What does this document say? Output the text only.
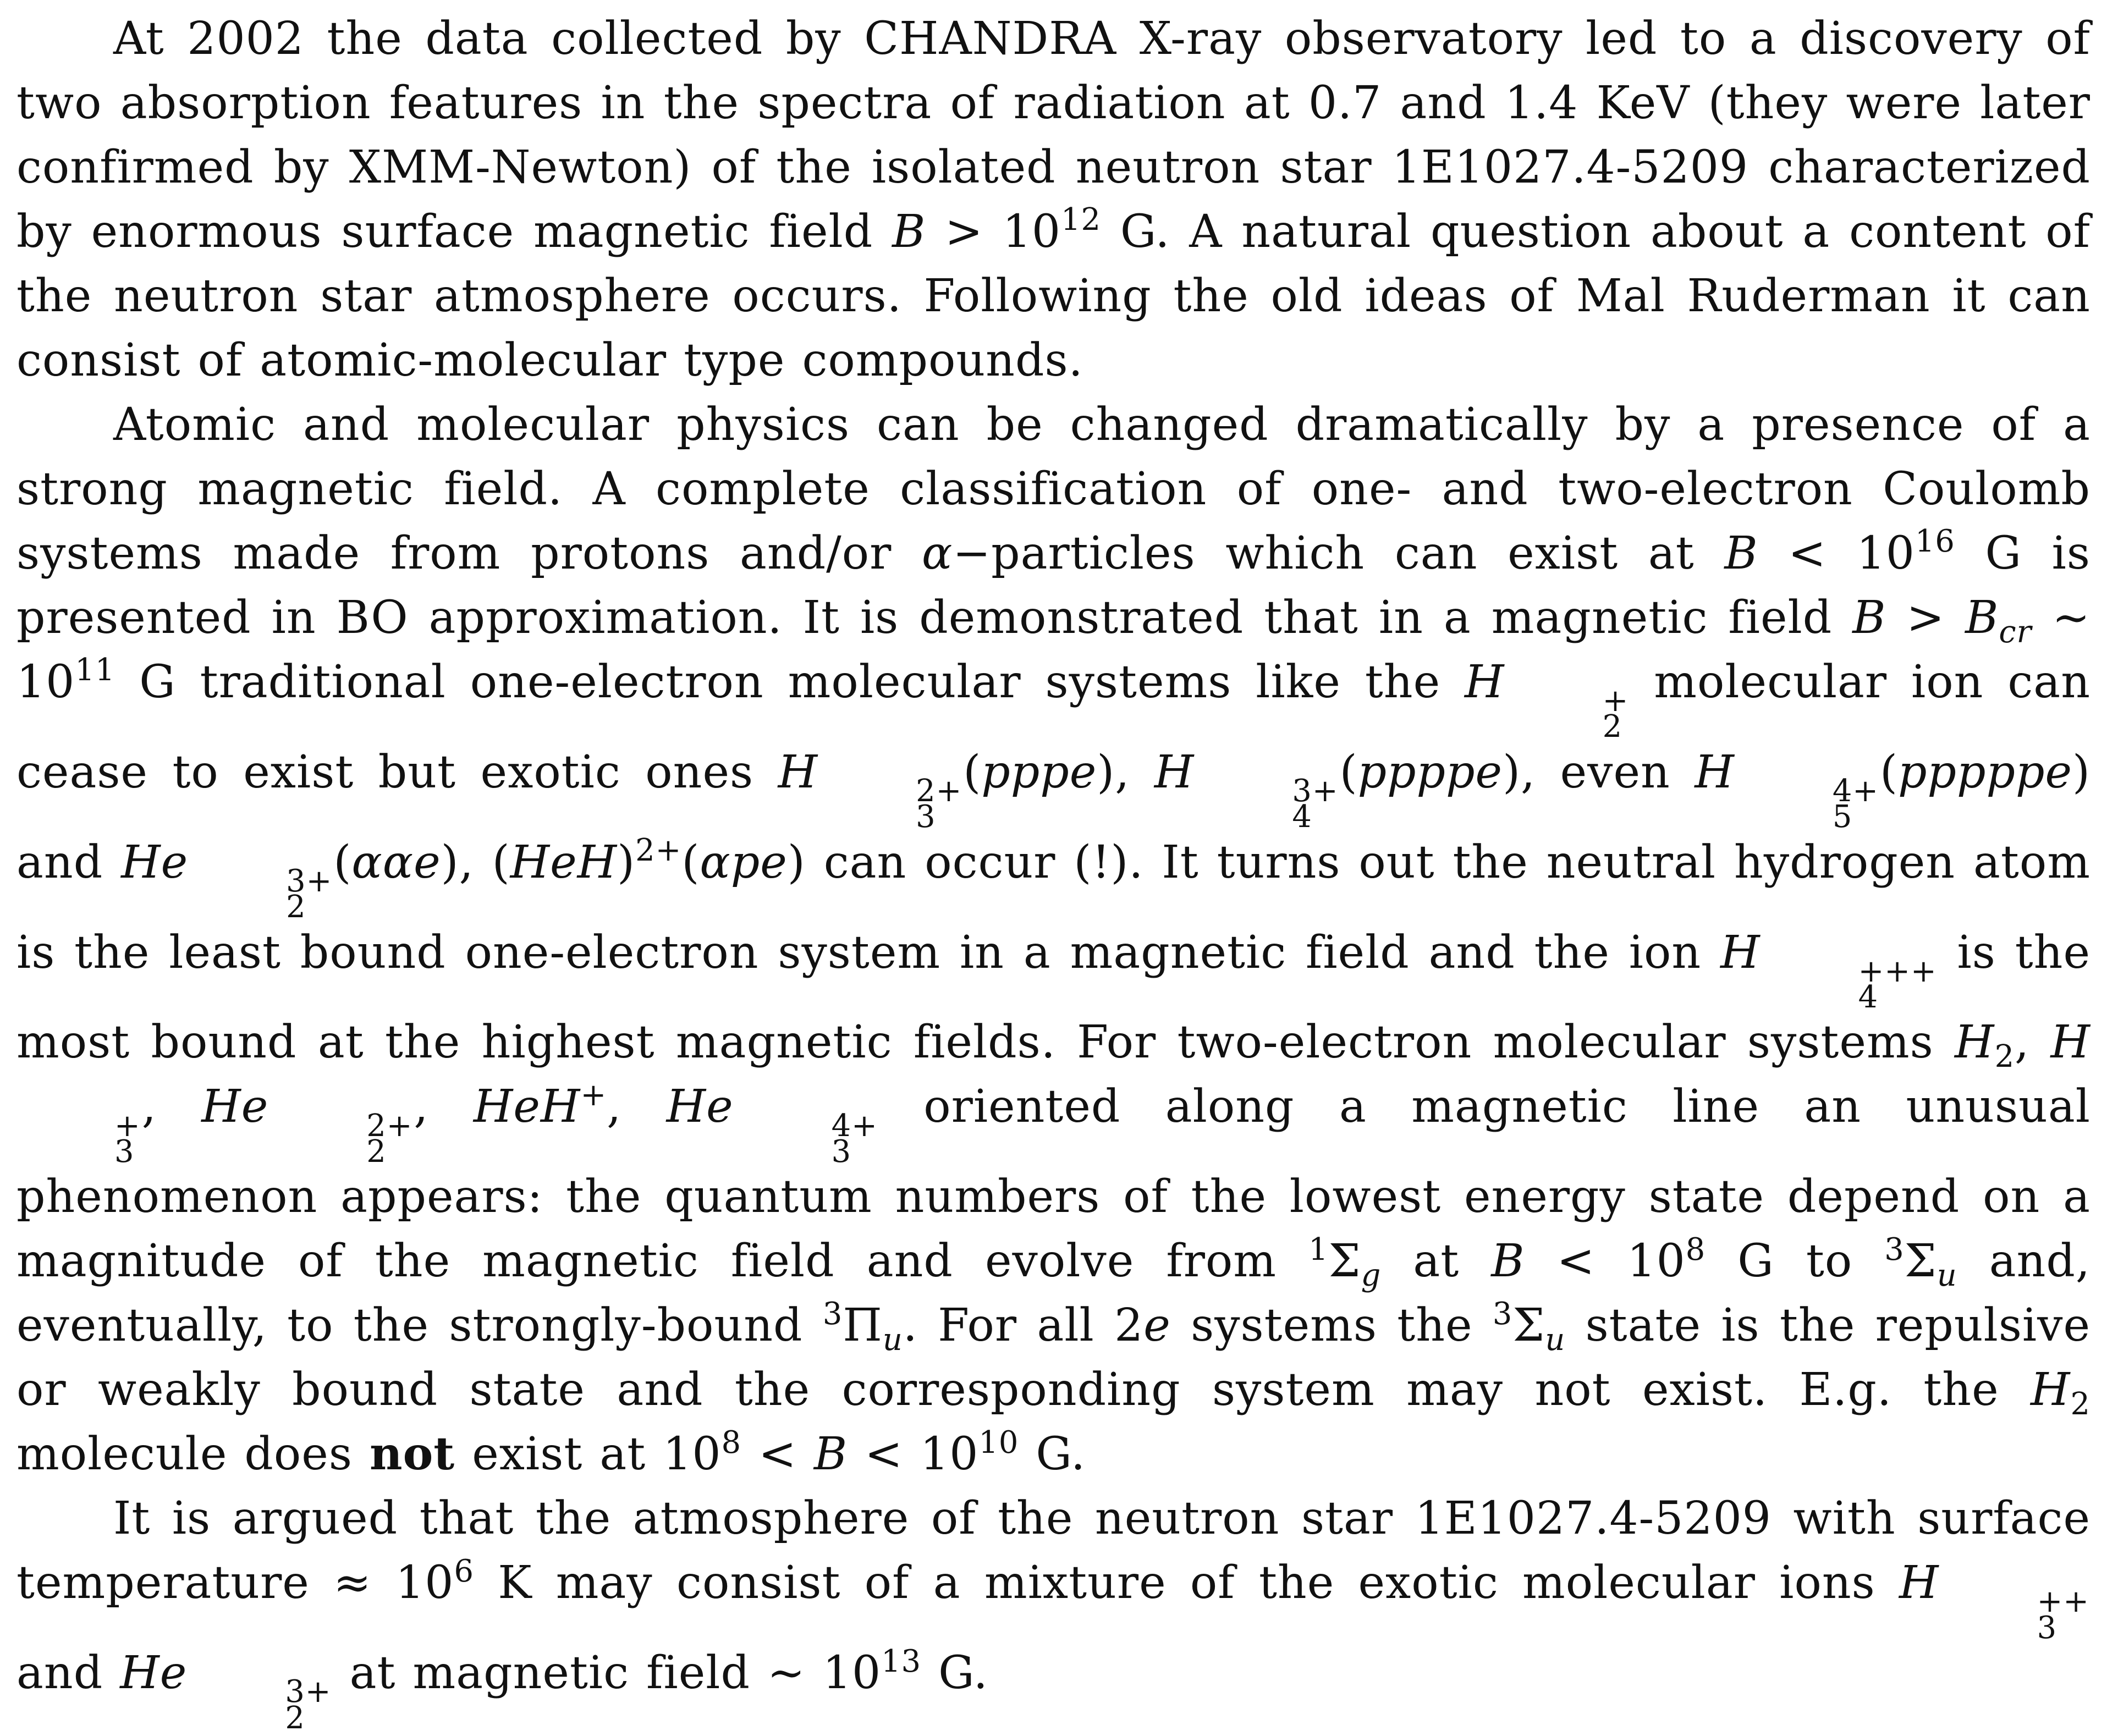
At 2002 the data collected by CHANDRA X-ray observatory led to a discovery of two absorption features in the spectra of radiation at 0.7 and 1.4 KeV (they were later confirmed by XMM-Newton) of the isolated neutron star 1E1027.4-5209 characterized by enormous surface magnetic field $B > 10^{12}$ G. A natural question about a content of the neutron star atmosphere occurs. Following the old ideas of Mal Ruderman it can consist of atomic-molecular type compounds.

Atomic and molecular physics can be changed dramatically by a presence of a strong magnetic field. A complete classification of one- and two-electron Coulomb systems made from protons and/or α−particles which can exist at $B < 10^{16}$ G is presented in BO approximation. It is demonstrated that in a magnetic field $B > B_{cr}$ ∼ $10^{11}$ G traditional one-electron molecular systems like the H	+
2
molecular ion can cease to exist but exotic ones H	2+
3
(pppe), H	3+
4
(ppppe), even H	4+
5
(pppppe) and He	3+
2
(ααe), (HeH)$^{2+}$(αpe) can occur (!). It turns out the neutral hydrogen atom is the least bound one-electron system in a magnetic field and the ion H	+++
4
is the most bound at the highest magnetic fields. For two-electron molecular systems $H_2$, H
+
3
, He	2+
2
, HeH+, He	4+
3
oriented along a magnetic line an unusual phenomenon appears: the quantum numbers of the lowest energy state depend on a magnitude of the magnetic field and evolve from $^1\Sigma_g$ at $B < 10^8$ G to $^3\Sigma_u$ and, eventually, to the strongly-bound $^3\Pi_u$. For all 2e systems the $^3\Sigma_u$ state is the repulsive or weakly bound state and the corresponding system may not exist. E.g. the $H_2$ molecule does not exist at $10^8 < B < 10^{10}$ G.

It is argued that the atmosphere of the neutron star 1E1027.4-5209 with surface temperature ≈ $10^6$ K may consist of a mixture of the exotic molecular ions H	++
3
and He	3+
2
at magnetic field ∼ $10^{13}$ G.
